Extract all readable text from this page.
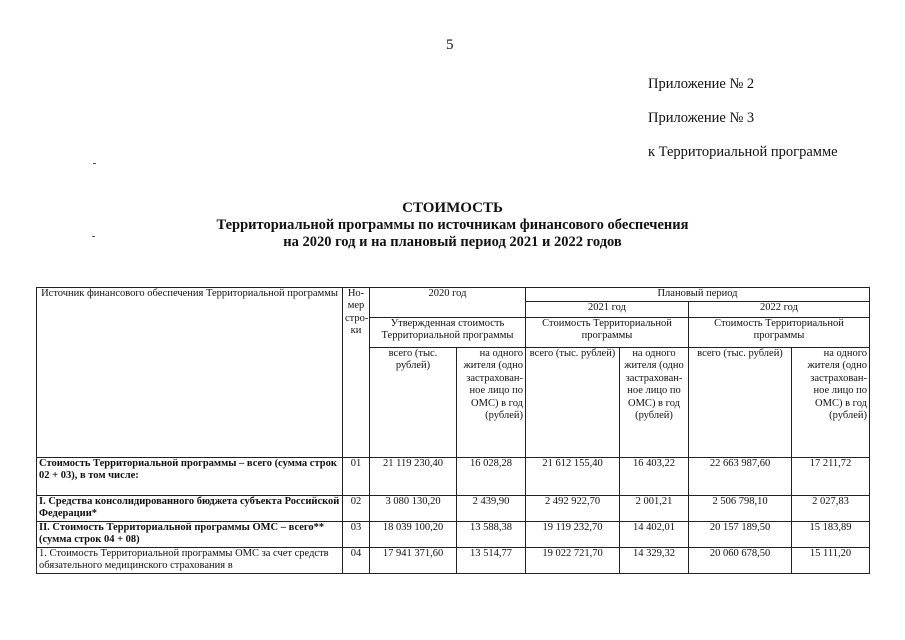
5
Приложение № 2
Приложение № 3
к Территориальной программе
СТОИМОСТЬ
Территориальной программы по источникам финансового обеспечения
на 2020 год и на плановый период 2021 и 2022 годов
Источник финансового обеспечения Территориальной программы	Но- мер стро- ки	2020 год		Плановый период			
				2021 год		2022 год	
		Утвержденная стоимость Территориальной программы		Стоимость Территориальной программы		Стоимость Территориальной программы	
		всего (тыс. рублей)	на одного жителя (одно застрахован- ное лицо по ОМС) в год (рублей)	всего (тыс. рублей)	на одного жителя (одно застрахован- ное лицо по ОМС) в год (рублей)	всего (тыс. рублей)	на одного жителя (одно застрахован- ное лицо по ОМС) в год (рублей)
Стоимость Территориальной программы – всего (сумма строк 02 + 03), в том числе:	01	21 119 230,40	16 028,28	21 612 155,40	16 403,22	22 663 987,60	17 211,72
I. Средства консолидированного бюджета субъекта Российской Федерации*	02	3 080 130,20	2 439,90	2 492 922,70	2 001,21	2 506 798,10	2 027,83
II. Стоимость Территориальной программы ОМС – всего** (сумма строк 04 + 08)	03	18 039 100,20	13 588,38	19 119 232,70	14 402,01	20 157 189,50	15 183,89
1. Стоимость Территориальной программы ОМС за счет средств обязательного медицинского страхования в	04	17 941 371,60	13 514,77	19 022 721,70	14 329,32	20 060 678,50	15 111,20
